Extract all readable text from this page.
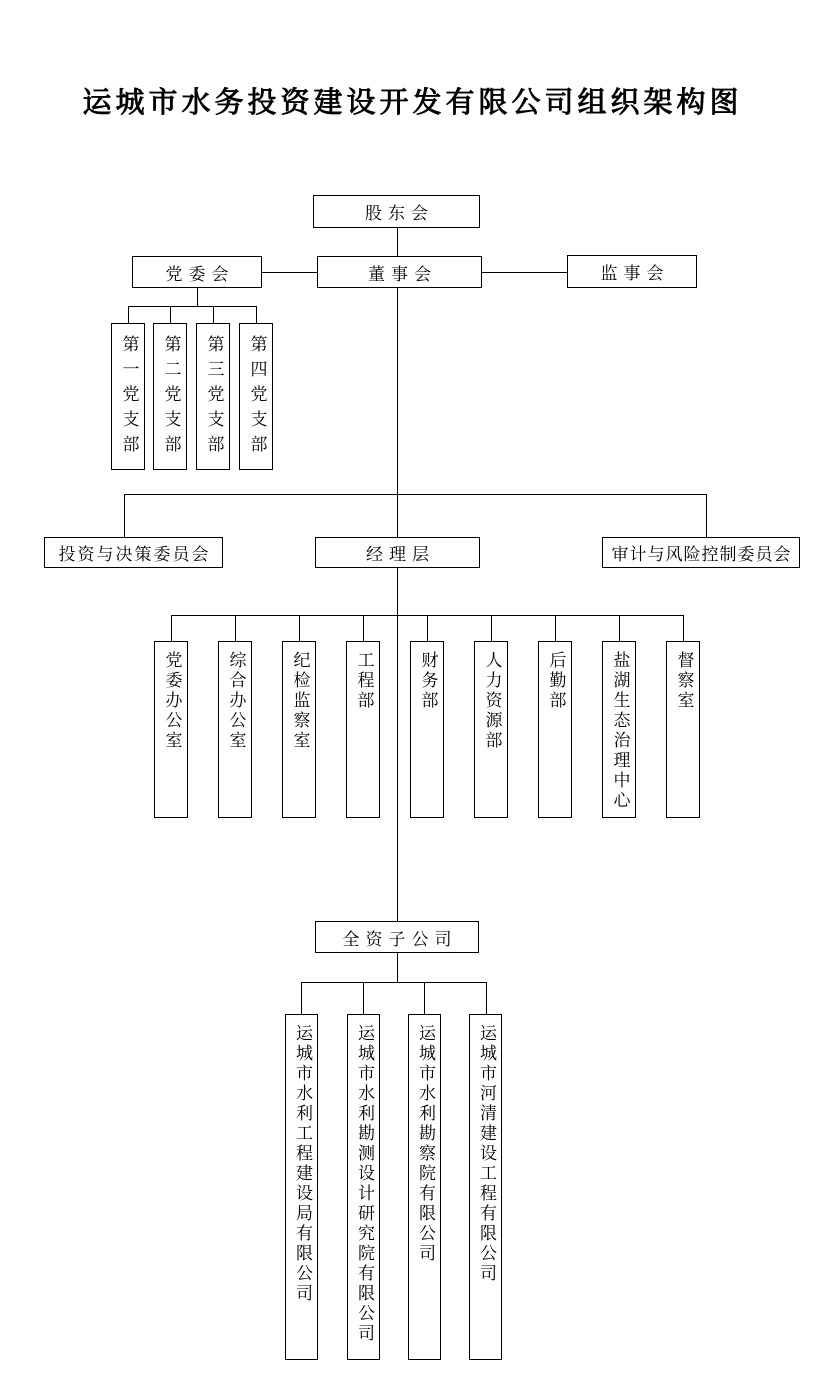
运城市水务投资建设开发有限公司组织架构图
股东会
党委会	董事会	监事会
第一党支部 第二党支部 第三党支部 第四党支部
投资与决策委员会	经理层	审计与风险控制委员会
党委办公室	综合办公室	纪检监察室	工程部	财务部	人力资源部	后勤部	盐湖生态治理中心	督察室
全资子公司
运城市水利工程建设局有限公司 运城市水利勘测设计研究院有限公司 运城市水利勘察院有限公司 运城市河清建设工程有限公司
